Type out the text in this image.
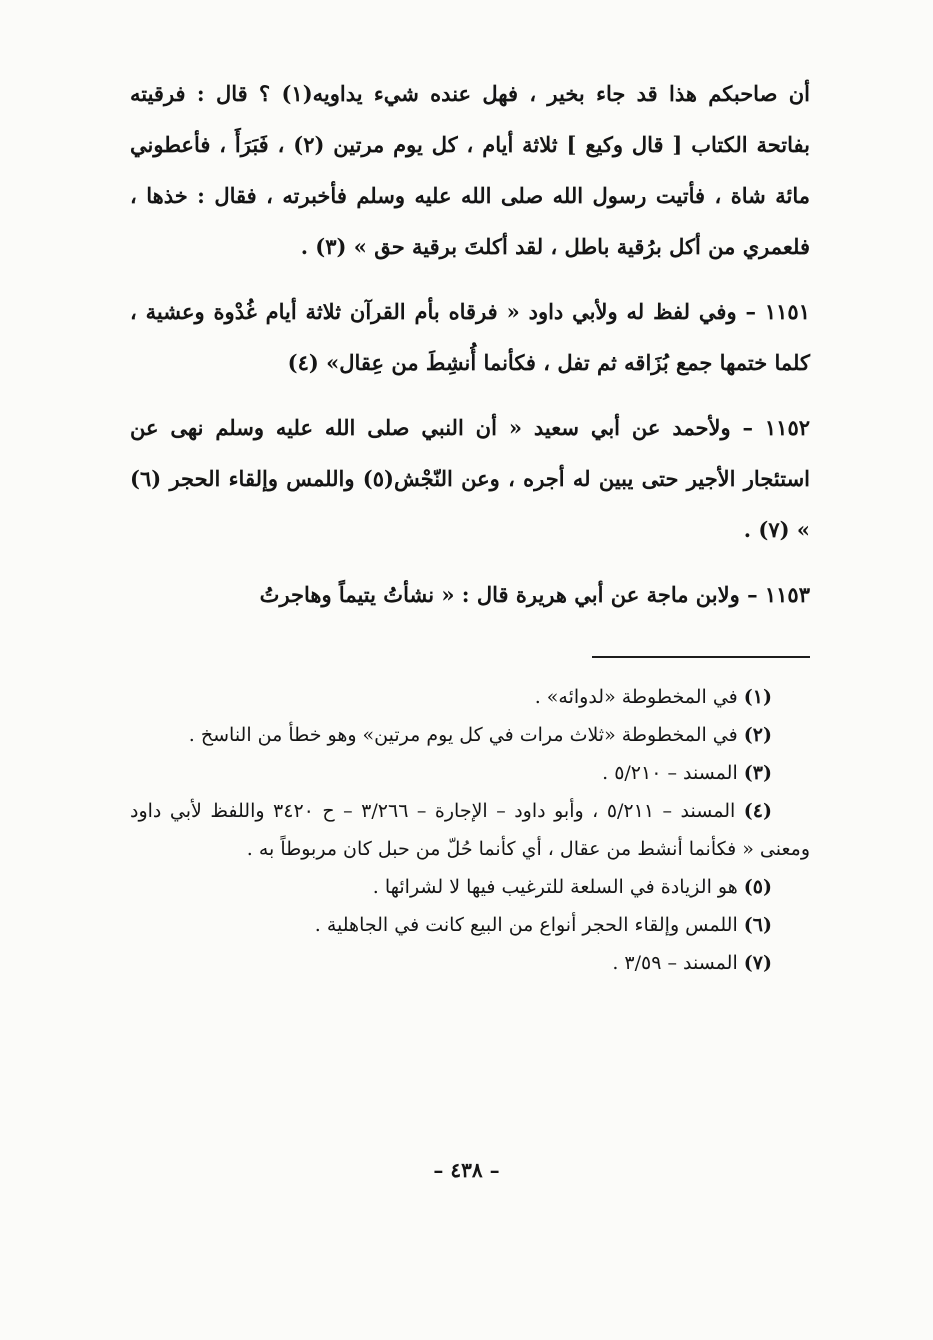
أن صاحبكم هذا قد جاء بخير ، فهل عنده شيء يداويه(١) ؟ قال : فرقيته بفاتحة الكتاب [ قال وكيع ] ثلاثة أيام ، كل يوم مرتين (٢) ، فَبَرَأَ ، فأعطوني مائة شاة ، فأتيت رسول الله صلى الله عليه وسلم فأخبرته ، فقال : خذها ، فلعمري من أكل برُقية باطل ، لقد أكلتَ برقية حق » (٣) .

١١٥١ – وفي لفظ له ولأبي داود « فرقاه بأم القرآن ثلاثة أيام غُدْوة وعشية ، كلما ختمها جمع بُزَاقه ثم تفل ، فكأنما أُنشِطَ من عِقال» (٤)

١١٥٢ – ولأحمد عن أبي سعيد « أن النبي صلى الله عليه وسلم نهى عن استئجار الأجير حتى يبين له أجره ، وعن النّجْش(٥) واللمس وإلقاء الحجر (٦) » (٧) .

١١٥٣ – ولابن ماجة عن أبي هريرة قال : « نشأتُ يتيماً وهاجرتُ

(١) في المخطوطة «لدوائه» .

(٢) في المخطوطة «ثلاث مرات في كل يوم مرتين» وهو خطأ من الناسخ .

(٣) المسند – ٥/٢١٠ .

(٤) المسند – ٥/٢١١ ، وأبو داود – الإجارة – ٣/٢٦٦ – ح ٣٤٢٠ واللفظ لأبي داود ومعنى « فكأنما أنشط من عقال ، أي كأنما حُلّ من حبل كان مربوطاً به .

(٥) هو الزيادة في السلعة للترغيب فيها لا لشرائها .

(٦) اللمس وإلقاء الحجر أنواع من البيع كانت في الجاهلية .

(٧) المسند – ٣/٥٩ .

– ٤٣٨ –
